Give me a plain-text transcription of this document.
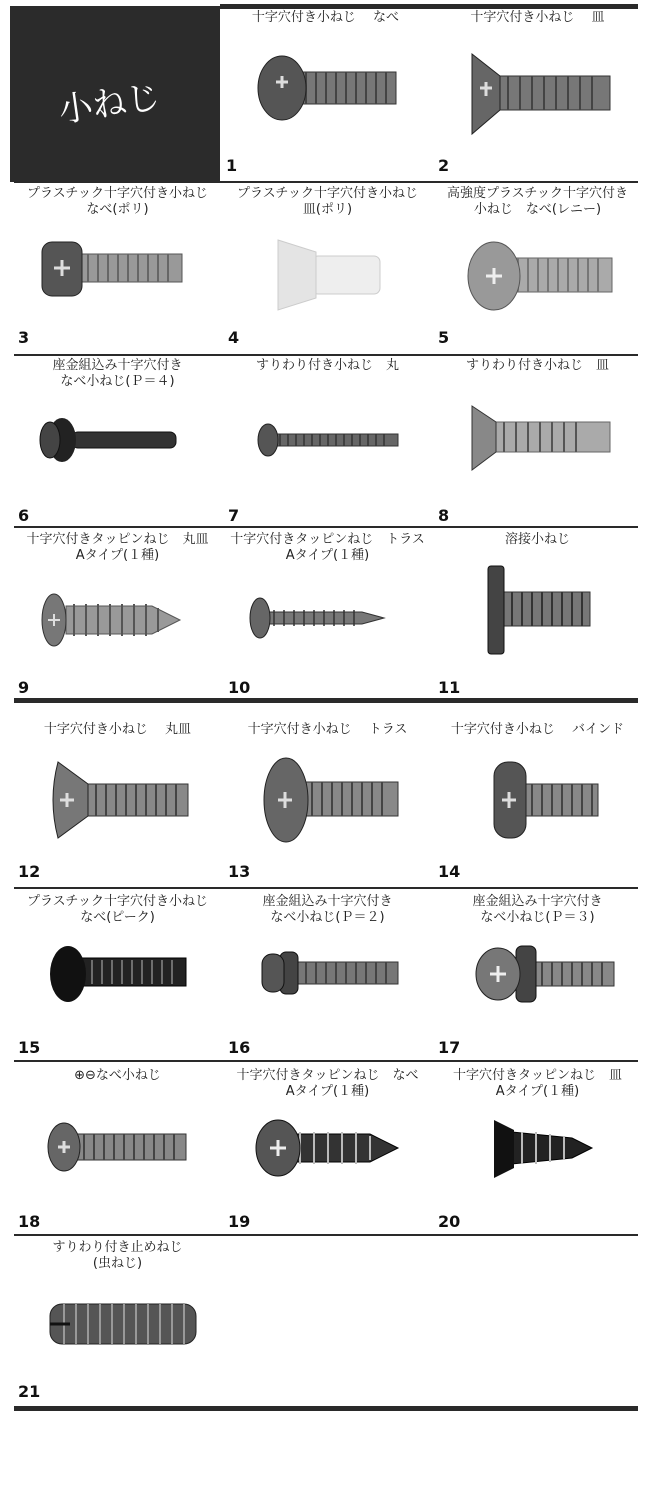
小ねじ
十字穴付き小ねじ　 なべ
1
十字穴付き小ねじ　 皿
2
プラスチック十字穴付き小ねじ
なべ(ポリ)
3
プラスチック十字穴付き小ねじ
皿(ポリ)
4
高強度プラスチック十字穴付き
小ねじ　なべ(レニー)
5
座金組込み十字穴付き
なべ小ねじ(Ｐ＝４)
6
すりわり付き小ねじ　丸
7
すりわり付き小ねじ　皿
8
十字穴付きタッピンねじ　丸皿
Aタイプ(１種)
9
十字穴付きタッピンねじ　トラス
Aタイプ(１種)
10
溶接小ねじ
11
十字穴付き小ねじ　 丸皿
12
十字穴付き小ねじ　 トラス
13
十字穴付き小ねじ　 バインド
14
プラスチック十字穴付き小ねじ
なべ(ピーク)
15
座金組込み十字穴付き
なべ小ねじ(Ｐ＝２)
16
座金組込み十字穴付き
なべ小ねじ(Ｐ＝３)
17
⊕⊖なべ小ねじ
18
十字穴付きタッピンねじ　なべ
Aタイプ(１種)
19
十字穴付きタッピンねじ　皿
Aタイプ(１種)
20
すりわり付き止めねじ
(虫ねじ)
21
